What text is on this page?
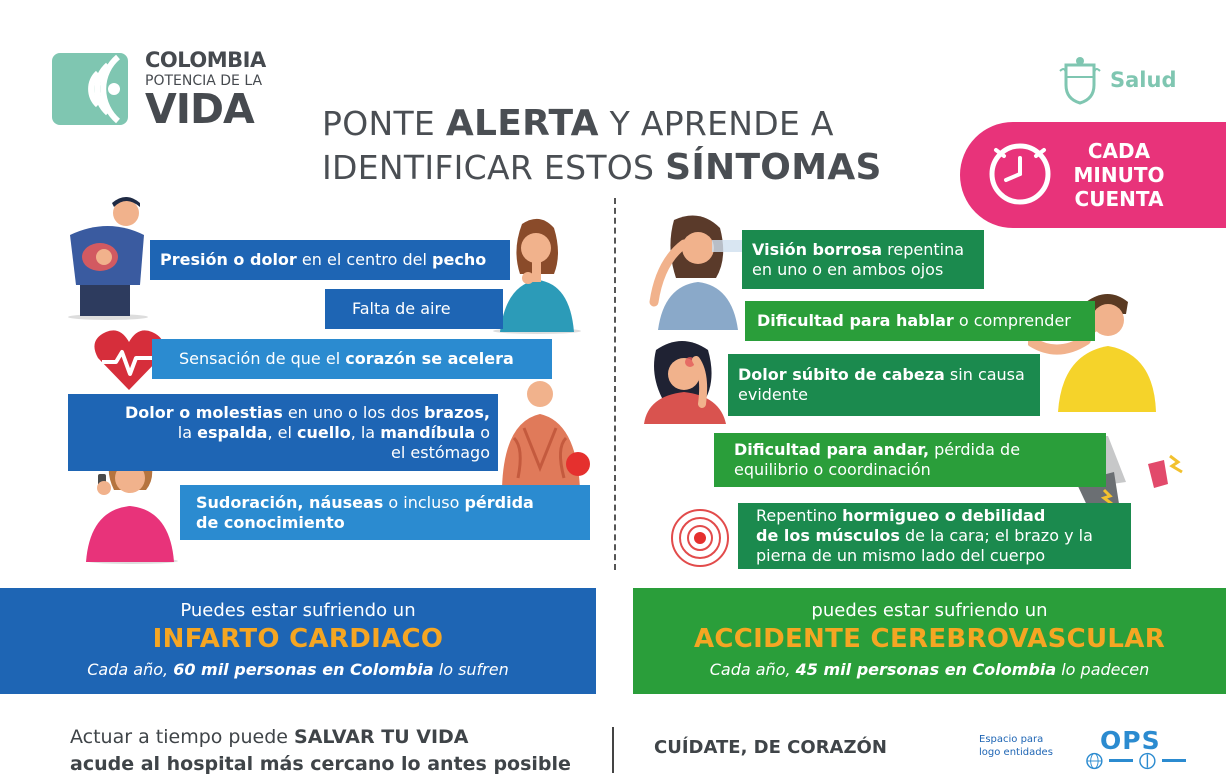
COLOMBIA
POTENCIA DE LA
VIDA
Salud
PONTE ALERTA Y APRENDE A
IDENTIFICAR ESTOS SÍNTOMAS	CADA
MINUTO
CUENTA
Presión o dolor en el centro del pecho
Falta de aire
Sensación de que el corazón se acelera
Dolor o molestias en uno o los dos brazos,
la espalda, el cuello, la mandíbula o
el estómago
Sudoración, náuseas o incluso pérdida
de conocimiento
Visión borrosa repentina
en uno o en ambos ojos
Dificultad para hablar o comprender
Dolor súbito de cabeza sin causa
evidente
Dificultad para andar, pérdida de
equilibrio o coordinación
Repentino hormigueo o debilidad
de los músculos de la cara; el brazo y la
pierna de un mismo lado del cuerpo
Puedes estar sufriendo un
INFARTO CARDIACO
Cada año, 60 mil personas en Colombia lo sufren
puedes estar sufriendo un
ACCIDENTE CEREBROVASCULAR
Cada año, 45 mil personas en Colombia lo padecen
Actuar a tiempo puede SALVAR TU VIDA
acude al hospital más cercano lo antes posible
CUÍDATE, DE CORAZÓN	Espacio para
logo entidades OPS
